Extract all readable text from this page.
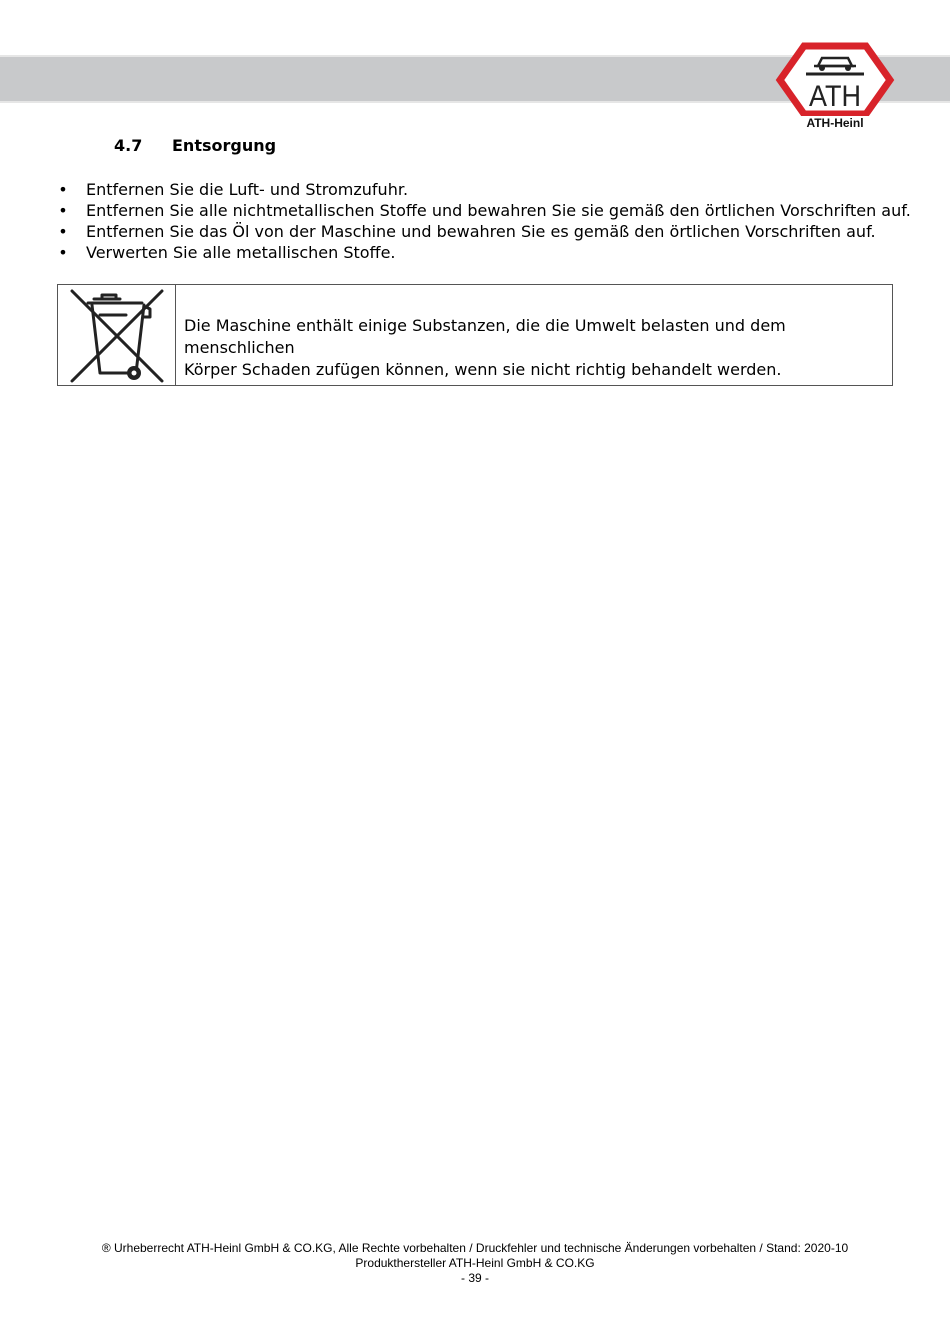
ATH
ATH-Heinl
4.7 Entsorgung
• Entfernen Sie die Luft- und Stromzufuhr.
• Entfernen Sie alle nichtmetallischen Stoffe und bewahren Sie sie gemäß den örtlichen Vorschriften auf.
• Entfernen Sie das Öl von der Maschine und bewahren Sie es gemäß den örtlichen Vorschriften auf.
• Verwerten Sie alle metallischen Stoffe.
Die Maschine enthält einige Substanzen, die die Umwelt belasten und dem menschlichen
Körper Schaden zufügen können, wenn sie nicht richtig behandelt werden.
® Urheberrecht ATH-Heinl GmbH & CO.KG, Alle Rechte vorbehalten / Druckfehler und technische Änderungen vorbehalten / Stand: 2020-10
Produkthersteller ATH-Heinl GmbH & CO.KG
- 39 -
